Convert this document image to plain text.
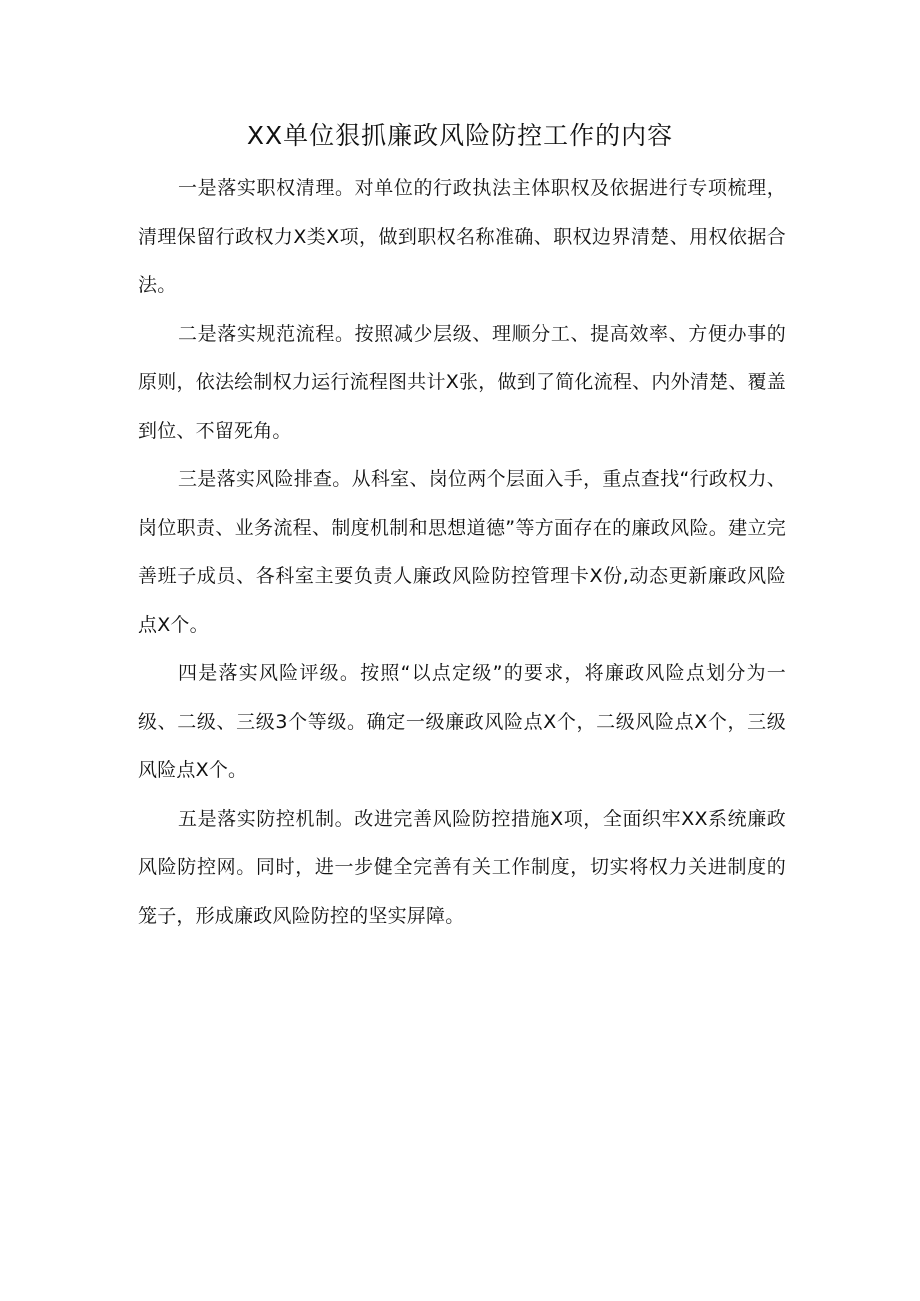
XX单位狠抓廉政风险防控工作的内容

一是落实职权清理。对单位的行政执法主体职权及依据进行专项梳理，清理保留行政权力X类X项，做到职权名称准确、职权边界清楚、用权依据合法。

二是落实规范流程。按照减少层级、理顺分工、提高效率、方便办事的原则，依法绘制权力运行流程图共计X张，做到了简化流程、内外清楚、覆盖到位、不留死角。

三是落实风险排查。从科室、岗位两个层面入手，重点查找“行政权力、岗位职责、业务流程、制度机制和思想道德”等方面存在的廉政风险。建立完善班子成员、各科室主要负责人廉政风险防控管理卡X份,动态更新廉政风险点X个。

四是落实风险评级。按照“以点定级”的要求，将廉政风险点划分为一级、二级、三级3个等级。确定一级廉政风险点X个，二级风险点X个，三级风险点X个。

五是落实防控机制。改进完善风险防控措施X项，全面织牢XX系统廉政风险防控网。同时，进一步健全完善有关工作制度，切实将权力关进制度的笼子，形成廉政风险防控的坚实屏障。
